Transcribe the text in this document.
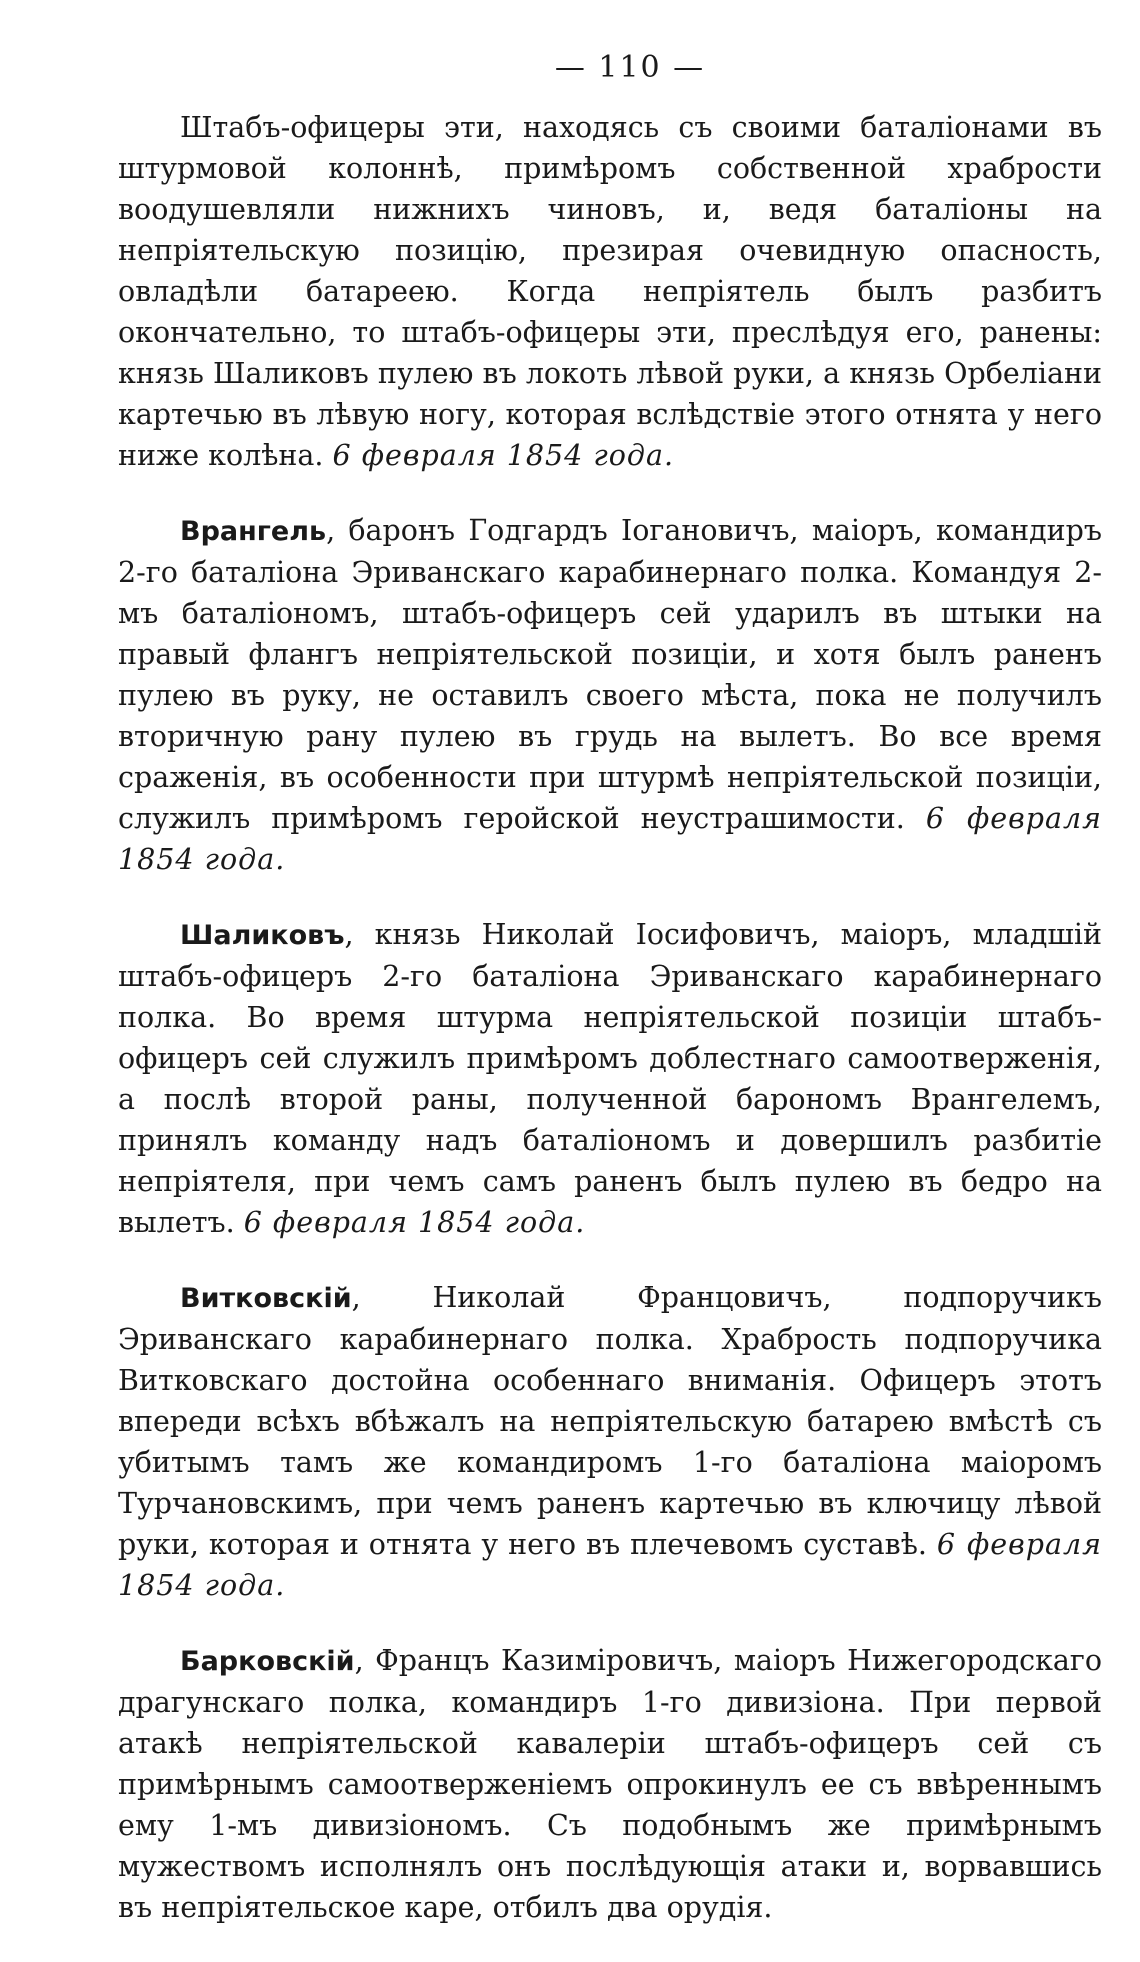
— 110 —

Штабъ-офицеры эти, находясь съ своими баталіонами въ штурмовой колоннѣ, примѣромъ собственной храбрости воодушевляли нижнихъ чиновъ, и, ведя баталіоны на непріятельскую позицію, презирая очевидную опасность, овладѣли батареею. Когда непріятель былъ разбитъ окончательно, то штабъ-офицеры эти, преслѣдуя его, ранены: князь Шаликовъ пулею въ локоть лѣвой руки, а князь Орбеліани картечью въ лѣвую ногу, которая вслѣдствіе этого отнята у него ниже колѣна. 6 февраля 1854 года.

Врангель, баронъ Годгардъ Іогановичъ, маіоръ, командиръ 2-го баталіона Эриванскаго карабинернаго полка. Командуя 2-мъ баталіономъ, штабъ-офицеръ сей ударилъ въ штыки на правый флангъ непріятельской позиціи, и хотя былъ раненъ пулею въ руку, не оставилъ своего мѣста, пока не получилъ вторичную рану пулею въ грудь на вылетъ. Во все время сраженія, въ особенности при штурмѣ непріятельской позиціи, служилъ примѣромъ геройской неустрашимости. 6 февраля 1854 года.

Шаликовъ, князь Николай Іосифовичъ, маіоръ, младшій штабъ-офицеръ 2-го баталіона Эриванскаго карабинернаго полка. Во время штурма непріятельской позиціи штабъ-офицеръ сей служилъ примѣромъ доблестнаго самоотверженія, а послѣ второй раны, полученной барономъ Врангелемъ, принялъ команду надъ баталіономъ и довершилъ разбитіе непріятеля, при чемъ самъ раненъ былъ пулею въ бедро на вылетъ. 6 февраля 1854 года.

Витковскій, Николай Францовичъ, подпоручикъ Эриванскаго карабинернаго полка. Храбрость подпоручика Витковскаго достойна особеннаго вниманія. Офицеръ этотъ впереди всѣхъ вбѣжалъ на непріятельскую батарею вмѣстѣ съ убитымъ тамъ же командиромъ 1-го баталіона маіоромъ Турчановскимъ, при чемъ раненъ картечью въ ключицу лѣвой руки, которая и отнята у него въ плечевомъ суставѣ. 6 февраля 1854 года.

Барковскій, Францъ Казиміровичъ, маіоръ Нижегородскаго драгунскаго полка, командиръ 1-го дивизіона. При первой атакѣ непріятельской кавалеріи штабъ-офицеръ сей съ примѣрнымъ самоотверженіемъ опрокинулъ ее съ ввѣреннымъ ему 1-мъ дивизіономъ. Съ подобнымъ же примѣрнымъ мужествомъ исполнялъ онъ послѣдующія атаки и, ворвавшись въ непріятельское каре, отбилъ два орудія.
